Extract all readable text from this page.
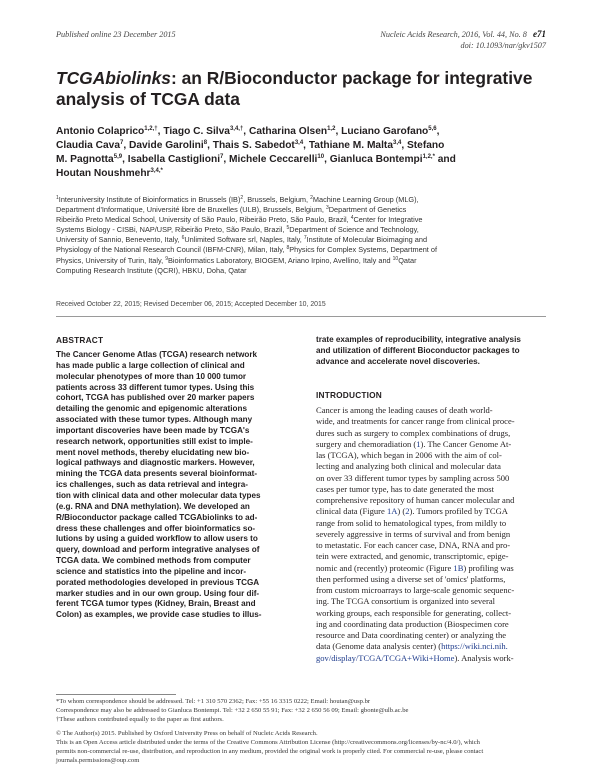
Published online 23 December 2015	Nucleic Acids Research, 2016, Vol. 44, No. 8 e71
doi: 10.1093/nar/gkv1507
TCGAbiolinks: an R/Bioconductor package for integrative analysis of TCGA data
Antonio Colaprico$^{1,2,\dagger}$, Tiago C. Silva$^{3,4,\dagger}$, Catharina Olsen$^{1,2}$, Luciano Garofano$^{5,6}$,
Claudia Cava$^7$, Davide Garolini$^8$, Thais S. Sabedot$^{3,4}$, Tathiane M. Malta$^{3,4}$, Stefano
M. Pagnotta$^{5,9}$, Isabella Castiglioni$^7$, Michele Ceccarelli$^{10}$, Gianluca Bontempi$^{1,2,*}$ and
Houtan Noushmehr$^{3,4,*}$
$^1$Interuniversity Institute of Bioinformatics in Brussels (IB)$^2$, Brussels, Belgium, $^2$Machine Learning Group (MLG),
Department d'Informatique, Université libre de Bruxelles (ULB), Brussels, Belgium, $^3$Department of Genetics
Ribeirão Preto Medical School, University of São Paulo, Ribeirão Preto, São Paulo, Brazil, $^4$Center for Integrative
Systems Biology - CISBi, NAP/USP, Ribeirão Preto, São Paulo, Brazil, $^5$Department of Science and Technology,
University of Sannio, Benevento, Italy, $^6$Unlimited Software srl, Naples, Italy, $^7$Institute of Molecular Bioimaging and
Physiology of the National Research Council (IBFM-CNR), Milan, Italy, $^8$Physics for Complex Systems, Department of
Physics, University of Turin, Italy, $^9$Bioinformatics Laboratory, BIOGEM, Ariano Irpino, Avellino, Italy and $^{10}$Qatar
Computing Research Institute (QCRI), HBKU, Doha, Qatar
Received October 22, 2015; Revised December 06, 2015; Accepted December 10, 2015
ABSTRACT
The Cancer Genome Atlas (TCGA) research network
has made public a large collection of clinical and
molecular phenotypes of more than 10 000 tumor
patients across 33 different tumor types. Using this
cohort, TCGA has published over 20 marker papers
detailing the genomic and epigenomic alterations
associated with these tumor types. Although many
important discoveries have been made by TCGA's
research network, opportunities still exist to imple-
ment novel methods, thereby elucidating new bio-
logical pathways and diagnostic markers. However,
mining the TCGA data presents several bioinformat-
ics challenges, such as data retrieval and integra-
tion with clinical data and other molecular data types
(e.g. RNA and DNA methylation). We developed an
R/Bioconductor package called TCGAbiolinks to ad-
dress these challenges and offer bioinformatics so-
lutions by using a guided workflow to allow users to
query, download and perform integrative analyses of
TCGA data. We combined methods from computer
science and statistics into the pipeline and incor-
porated methodologies developed in previous TCGA
marker studies and in our own group. Using four dif-
ferent TCGA tumor types (Kidney, Brain, Breast and
Colon) as examples, we provide case studies to illus-
trate examples of reproducibility, integrative analysis
and utilization of different Bioconductor packages to
advance and accelerate novel discoveries.
INTRODUCTION
Cancer is among the leading causes of death world-
wide, and treatments for cancer range from clinical proce-
dures such as surgery to complex combinations of drugs,
surgery and chemoradiation (1). The Cancer Genome At-
las (TCGA), which began in 2006 with the aim of col-
lecting and analyzing both clinical and molecular data
on over 33 different tumor types by sampling across 500
cases per tumor type, has to date generated the most
comprehensive repository of human cancer molecular and
clinical data (Figure 1A) (2). Tumors profiled by TCGA
range from solid to hematological types, from mildly to
severely aggressive in terms of survival and from benign
to metastatic. For each cancer case, DNA, RNA and pro-
tein were extracted, and genomic, transcriptomic, epige-
nomic and (recently) proteomic (Figure 1B) profiling was
then performed using a diverse set of 'omics' platforms,
from custom microarrays to large-scale genomic sequenc-
ing. The TCGA consortium is organized into several
working groups, each responsible for generating, collect-
ing and coordinating data production (Biospecimen core
resource and Data coordinating center) or analyzing the
data (Genome data analysis center) (https://wiki.nci.nih.
gov/display/TCGA/TCGA+Wiki+Home). Analysis work-
*To whom correspondence should be addressed. Tel: +1 310 570 2362; Fax: +55 16 3315 0222; Email: houtan@usp.br
Correspondence may also be addressed to Gianluca Bontempi. Tel: +32 2 650 55 91; Fax: +32 2 650 56 09; Email: gbonte@ulb.ac.be
†These authors contributed equally to the paper as first authors.
© The Author(s) 2015. Published by Oxford University Press on behalf of Nucleic Acids Research.
This is an Open Access article distributed under the terms of the Creative Commons Attribution License (http://creativecommons.org/licenses/by-nc/4.0/), which
permits non-commercial re-use, distribution, and reproduction in any medium, provided the original work is properly cited. For commercial re-use, please contact
journals.permissions@oup.com
